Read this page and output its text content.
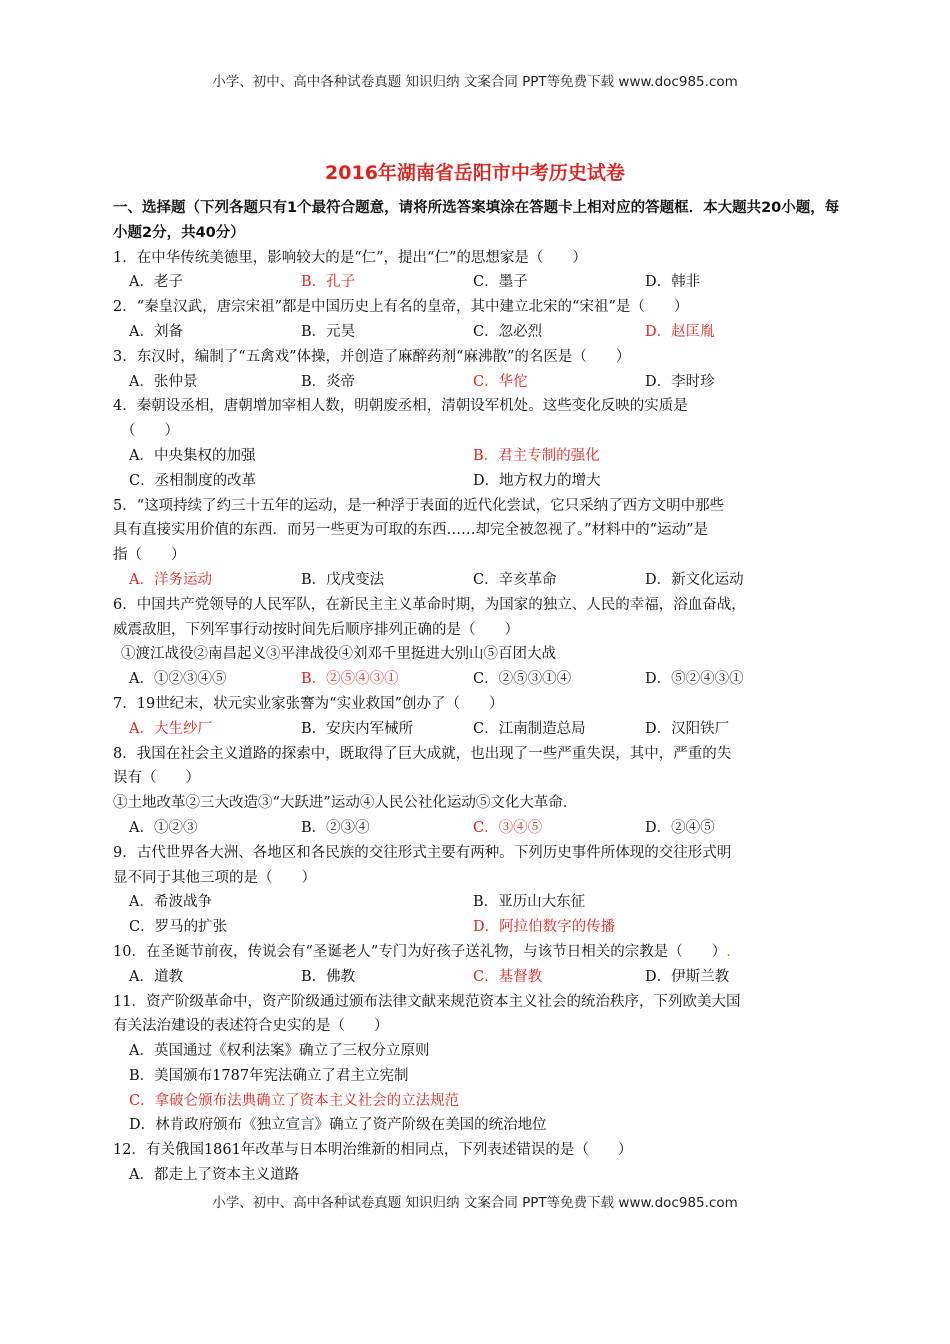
小学、初中、高中各种试卷真题 知识归纳 文案合同 PPT等免费下载 www.doc985.com
2016年湖南省岳阳市中考历史试卷
一、选择题（下列各题只有1个最符合题意，请将所选答案填涂在答题卡上相对应的答题框．本大题共20小题，每小题2分，共40分）
1．在中华传统美德里，影响较大的是“仁”，提出“仁”的思想家是（　　）
A．老子	B．孔子	C．墨子	D．韩非
2．“秦皇汉武，唐宗宋祖”都是中国历史上有名的皇帝，其中建立北宋的“宋祖”是（　　）
A．刘备	B．元昊	C．忽必烈	D．赵匡胤
3．东汉时，编制了“五禽戏”体操，并创造了麻醉药剂“麻沸散”的名医是（　　）
A．张仲景	B．炎帝	C．华佗	D．李时珍
4．秦朝设丞相，唐朝增加宰相人数，明朝废丞相，清朝设军机处。这些变化反映的实质是
（　　）
A．中央集权的加强	B．君主专制的强化
C．丞相制度的改革	D．地方权力的增大
5．“这项持续了约三十五年的运动，是一种浮于表面的近代化尝试，它只采纳了西方文明中那些
具有直接实用价值的东西．而另一些更为可取的东西……却完全被忽视了。”材料中的“运动”是
指（　　）
A．洋务运动	B．戊戌变法	C．辛亥革命	D．新文化运动
6．中国共产党领导的人民军队，在新民主主义革命时期，为国家的独立、人民的幸福，浴血奋战，
威震敌胆，下列军事行动按时间先后顺序排列正确的是（　　）
①渡江战役②南昌起义③平津战役④刘邓千里挺进大别山⑤百团大战
A．①②③④⑤	B．②⑤④③①	C．②⑤③①④	D．⑤②④③①
7．19世纪末，状元实业家张謇为“实业救国”创办了（　　）
A．大生纱厂	B．安庆内军械所	C．江南制造总局	D．汉阳铁厂
8．我国在社会主义道路的探索中，既取得了巨大成就，也出现了一些严重失误，其中，严重的失
误有（　　）
①土地改革②三大改造③“大跃进”运动④人民公社化运动⑤文化大革命．
A．①②③	B．②③④	C．③④⑤	D．②④⑤
9．古代世界各大洲、各地区和各民族的交往形式主要有两种。下列历史事件所体现的交往形式明
显不同于其他三项的是（　　）
A．希波战争	B．亚历山大东征
C．罗马的扩张	D．阿拉伯数字的传播
10．在圣诞节前夜，传说会有“圣诞老人”专门为好孩子送礼物，与该节日相关的宗教是（　　）.
A．道教	B．佛教	C．基督教	D．伊斯兰教
11．资产阶级革命中，资产阶级通过颁布法律文献来规范资本主义社会的统治秩序，下列欧美大国
有关法治建设的表述符合史实的是（　　）
A．英国通过《权利法案》确立了三权分立原则
B．美国颁布1787年宪法确立了君主立宪制
C．拿破仑颁布法典确立了资本主义社会的立法规范
D．林肯政府颁布《独立宣言》确立了资产阶级在美国的统治地位
12．有关俄国1861年改革与日本明治维新的相同点，下列表述错误的是（　　）
A．都走上了资本主义道路
小学、初中、高中各种试卷真题 知识归纳 文案合同 PPT等免费下载 www.doc985.com
